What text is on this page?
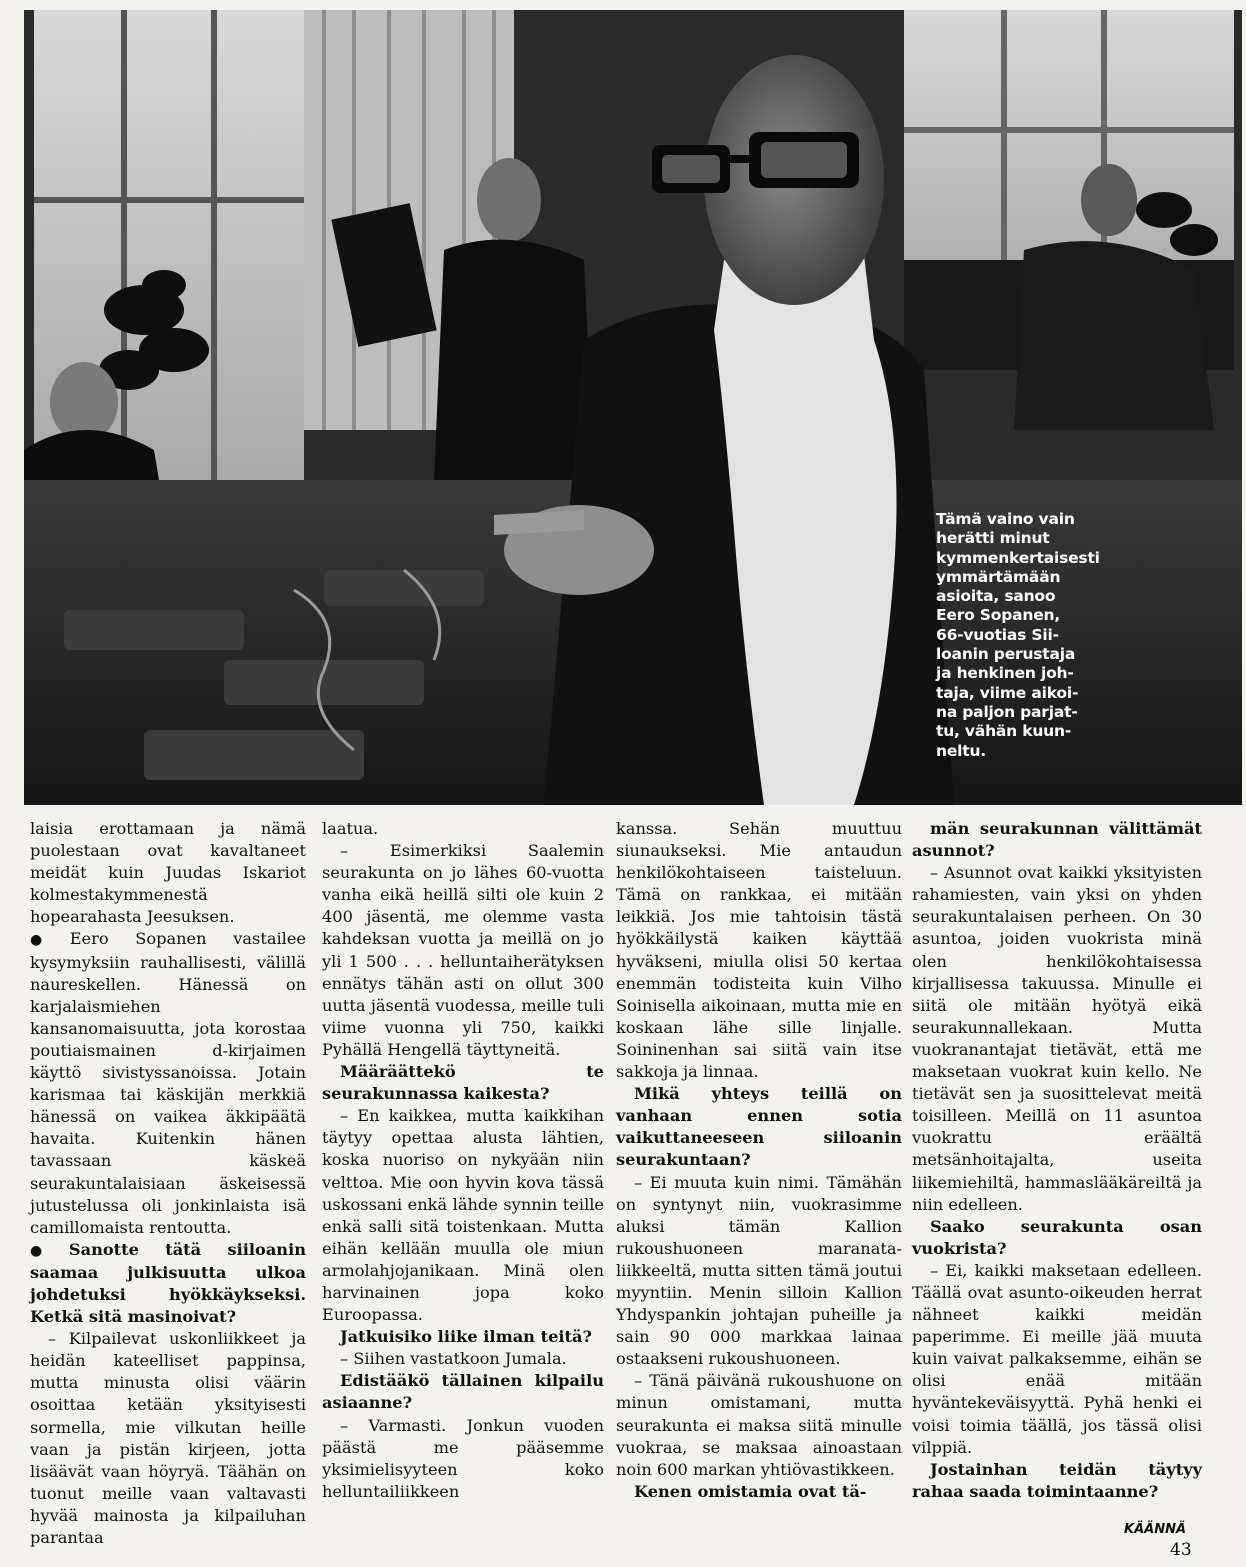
Tämä vaino vain
herätti minut
kymmenkertaisesti
ymmärtämään
asioita, sanoo
Eero Sopanen,
66-vuotias Sii-
loanin perustaja
ja henkinen joh-
taja, viime aikoi-
na paljon parjat-
tu, vähän kuun-
neltu.

laisia erottamaan ja nämä puolestaan ovat kavaltaneet meidät kuin Juudas Iskariot kolmestakymmenestä hopearahasta Jeesuksen.

● Eero Sopanen vastailee kysymyksiin rauhallisesti, välillä naureskellen. Hänessä on karjalaismiehen kansanomaisuutta, jota korostaa poutiaismainen d-kirjaimen käyttö sivistyssanoissa. Jotain karismaa tai käskijän merkkiä hänessä on vaikea äkkipäätä havaita. Kuitenkin hänen tavassaan käskeä seurakuntalaisiaan äskeisessä jutustelussa oli jonkinlaista isä camillomaista rentoutta.

● Sanotte tätä siiloanin saamaa julkisuutta ulkoa johdetuksi hyökkäykseksi. Ketkä sitä masinoivat?

– Kilpailevat uskonliikkeet ja heidän kateelliset pappinsa, mutta minusta olisi väärin osoittaa ketään yksityisesti sormella, mie vilkutan heille vaan ja pistän kirjeen, jotta lisäävät vaan höyryä. Täähän on tuonut meille vaan valtavasti hyvää mainosta ja kilpailuhan parantaa

laatua.

– Esimerkiksi Saalemin seurakunta on jo lähes 60-vuotta vanha eikä heillä silti ole kuin 2 400 jäsentä, me olemme vasta kahdeksan vuotta ja meillä on jo yli 1 500 . . . helluntaiherätyksen ennätys tähän asti on ollut 300 uutta jäsentä vuodessa, meille tuli viime vuonna yli 750, kaikki Pyhällä Hengellä täyttyneitä.

Määräättekö te seurakunnassa kaikesta?

– En kaikkea, mutta kaikkihan täytyy opettaa alusta lähtien, koska nuoriso on nykyään niin velttoa. Mie oon hyvin kova tässä uskossani enkä lähde synnin teille enkä salli sitä toistenkaan. Mutta eihän kellään muulla ole miun armolahjojanikaan. Minä olen harvinainen jopa koko Euroopassa.

Jatkuisiko liike ilman teitä?

– Siihen vastatkoon Jumala.

Edistääkö tällainen kilpailu asiaanne?

– Varmasti. Jonkun vuoden päästä me pääsemme yksimielisyyteen koko helluntailiikkeen

kanssa. Sehän muuttuu siunaukseksi. Mie antaudun henkilökohtaiseen taisteluun. Tämä on rankkaa, ei mitään leikkiä. Jos mie tahtoisin tästä hyökkäilystä kaiken käyttää hyväkseni, miulla olisi 50 kertaa enemmän todisteita kuin Vilho Soinisella aikoinaan, mutta mie en koskaan lähe sille linjalle. Soininenhan sai siitä vain itse sakkoja ja linnaa.

Mikä yhteys teillä on vanhaan ennen sotia vaikuttaneeseen siiloanin seurakuntaan?

– Ei muuta kuin nimi. Tämähän on syntynyt niin, vuokrasimme aluksi tämän Kallion rukoushuoneen maranata-liikkeeltä, mutta sitten tämä joutui myyntiin. Menin silloin Kallion Yhdyspankin johtajan puheille ja sain 90 000 markkaa lainaa ostaakseni rukoushuoneen.

– Tänä päivänä rukoushuone on minun omistamani, mutta seurakunta ei maksa siitä minulle vuokraa, se maksaa ainoastaan noin 600 markan yhtiövastikkeen.

Kenen omistamia ovat tä-

män seurakunnan välittämät asunnot?

– Asunnot ovat kaikki yksityisten rahamiesten, vain yksi on yhden seurakuntalaisen perheen. On 30 asuntoa, joiden vuokrista minä olen henkilökohtaisessa kirjallisessa takuussa. Minulle ei siitä ole mitään hyötyä eikä seurakunnallekaan. Mutta vuokranantajat tietävät, että me maksetaan vuokrat kuin kello. Ne tietävät sen ja suosittelevat meitä toisilleen. Meillä on 11 asuntoa vuokrattu eräältä metsänhoitajalta, useita liikemiehiltä, hammaslääkäreiltä ja niin edelleen.

Saako seurakunta osan vuokrista?

– Ei, kaikki maksetaan edelleen. Täällä ovat asunto-oikeuden herrat nähneet kaikki meidän paperimme. Ei meille jää muuta kuin vaivat palkaksemme, eihän se olisi enää mitään hyväntekeväisyyttä. Pyhä henki ei voisi toimia täällä, jos tässä olisi vilppiä.

Jostainhan teidän täytyy rahaa saada toimintaanne?

KÄÄNNÄ
43
